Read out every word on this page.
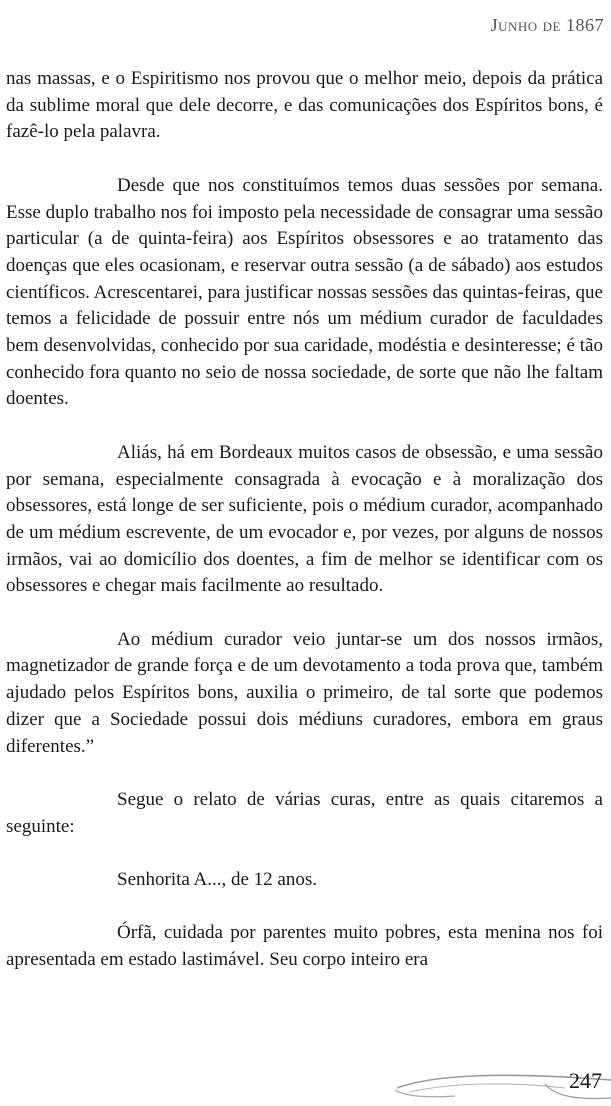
Junho de 1867

nas massas, e o Espiritismo nos provou que o melhor meio, depois da prática da sublime moral que dele decorre, e das comunicações dos Espíritos bons, é fazê-lo pela palavra.

Desde que nos constituímos temos duas sessões por semana. Esse duplo trabalho nos foi imposto pela necessidade de consagrar uma sessão particular (a de quinta-feira) aos Espíritos obsessores e ao tratamento das doenças que eles ocasionam, e reservar outra sessão (a de sábado) aos estudos científicos. Acrescentarei, para justificar nossas sessões das quintas-feiras, que temos a felicidade de possuir entre nós um médium curador de faculdades bem desenvolvidas, conhecido por sua caridade, modéstia e desinteresse; é tão conhecido fora quanto no seio de nossa sociedade, de sorte que não lhe faltam doentes.

Aliás, há em Bordeaux muitos casos de obsessão, e uma sessão por semana, especialmente consagrada à evocação e à moralização dos obsessores, está longe de ser suficiente, pois o médium curador, acompanhado de um médium escrevente, de um evocador e, por vezes, por alguns de nossos irmãos, vai ao domicílio dos doentes, a fim de melhor se identificar com os obsessores e chegar mais facilmente ao resultado.

Ao médium curador veio juntar-se um dos nossos irmãos, magnetizador de grande força e de um devotamento a toda prova que, também ajudado pelos Espíritos bons, auxilia o primeiro, de tal sorte que podemos dizer que a Sociedade possui dois médiuns curadores, embora em graus diferentes.”

Segue o relato de várias curas, entre as quais citaremos a seguinte:

Senhorita A..., de 12 anos.

Órfã, cuidada por parentes muito pobres, esta menina nos foi apresentada em estado lastimável. Seu corpo inteiro era

247
